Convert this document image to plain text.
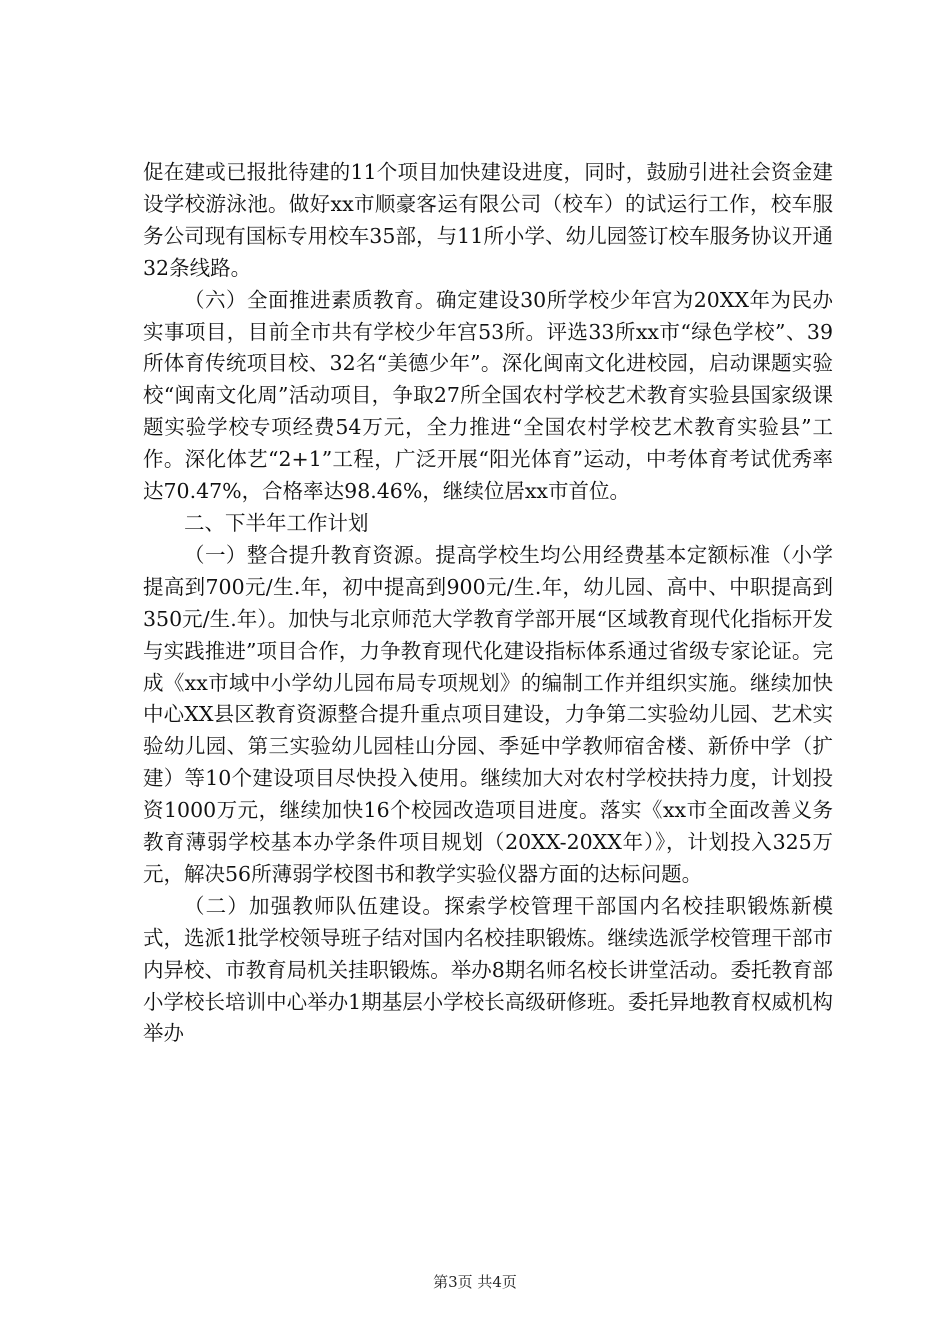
促在建或已报批待建的11个项目加快建设进度，同时，鼓励引进社会资金建设学校游泳池。做好xx市顺豪客运有限公司（校车）的试运行工作，校车服务公司现有国标专用校车35部，与11所小学、幼儿园签订校车服务协议开通32条线路。

（六）全面推进素质教育。确定建设30所学校少年宫为20XX年为民办实事项目，目前全市共有学校少年宫53所。评选33所xx市“绿色学校”、39所体育传统项目校、32名“美德少年”。深化闽南文化进校园，启动课题实验校“闽南文化周”活动项目，争取27所全国农村学校艺术教育实验县国家级课题实验学校专项经费54万元，全力推进“全国农村学校艺术教育实验县”工作。深化体艺“2+1”工程，广泛开展“阳光体育”运动，中考体育考试优秀率达70.47%，合格率达98.46%，继续位居xx市首位。

二、下半年工作计划

（一）整合提升教育资源。提高学校生均公用经费基本定额标准（小学提高到700元/生.年，初中提高到900元/生.年，幼儿园、高中、中职提高到350元/生.年）。加快与北京师范大学教育学部开展“区域教育现代化指标开发与实践推进”项目合作，力争教育现代化建设指标体系通过省级专家论证。完成《xx市域中小学幼儿园布局专项规划》的编制工作并组织实施。继续加快中心XX县区教育资源整合提升重点项目建设，力争第二实验幼儿园、艺术实验幼儿园、第三实验幼儿园桂山分园、季延中学教师宿舍楼、新侨中学（扩建）等10个建设项目尽快投入使用。继续加大对农村学校扶持力度，计划投资1000万元，继续加快16个校园改造项目进度。落实《xx市全面改善义务教育薄弱学校基本办学条件项目规划（20XX-20XX年）》，计划投入325万元，解决56所薄弱学校图书和教学实验仪器方面的达标问题。

（二）加强教师队伍建设。探索学校管理干部国内名校挂职锻炼新模式，选派1批学校领导班子结对国内名校挂职锻炼。继续选派学校管理干部市内异校、市教育局机关挂职锻炼。举办8期名师名校长讲堂活动。委托教育部小学校长培训中心举办1期基层小学校长高级研修班。委托异地教育权威机构举办

第3页 共4页
